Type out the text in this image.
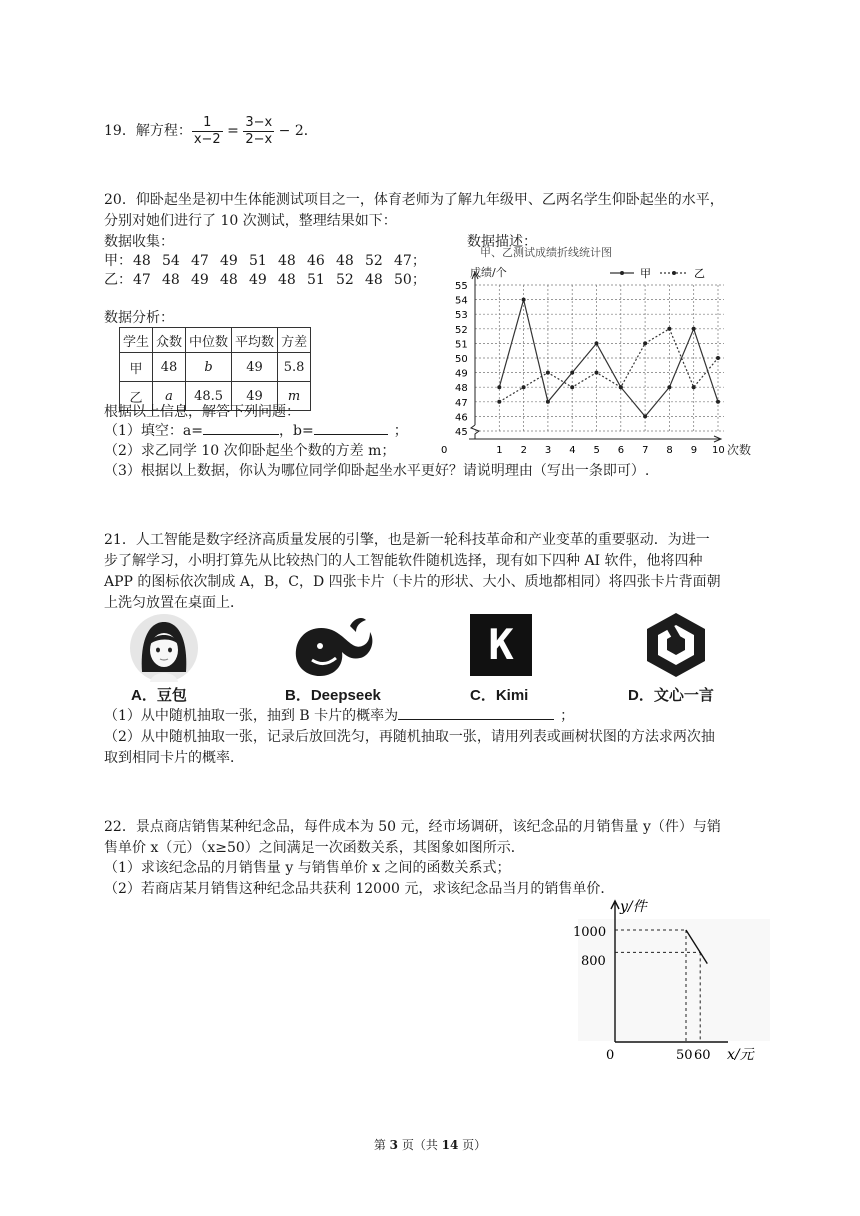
19．解方程： $\frac{1}{x-2} = \frac{3-x}{2-x} - 2$．
20．仰卧起坐是初中生体能测试项目之一，体育老师为了解九年级甲、乙两名学生仰卧起坐的水平，
分别对她们进行了 10 次测试，整理结果如下：
数据收集：	数据描述：
甲：
乙：
48 54 47 49 51 48 46 48 52 47；
47 48 49 48 49 48 51 52 48 50；
数据分析：
学生	众数	中位数	平均数	方差
甲	48	b	49	5.8
乙	a	48.5	49	m
根据以上信息，解答下列问题：
（1）填空：a=	，b=	；
（2）求乙同学 10 次仰卧起坐个数的方差 m；
（3）根据以上数据，你认为哪位同学仰卧起坐水平更好？请说明理由（写出一条即可）.
45
46
47
48
49
50
51
52
53
54
55
0	1 2 3 4 5 6 7 8 9 10
甲、乙测试成绩折线统计图
成绩/个
次数
甲	乙
21．人工智能是数字经济高质量发展的引擎，也是新一轮科技革命和产业变革的重要驱动．为进一
步了解学习，小明打算先从比较热门的人工智能软件随机选择，现有如下四种 AI 软件，他将四种
APP 的图标依次制成 A，B，C，D 四张卡片（卡片的形状、大小、质地都相同）将四张卡片背面朝
上洗匀放置在桌面上．
A．豆包	B．Deepseek
K
C．Kimi	D．文心一言
（1）从中随机抽取一张，抽到 B 卡片的概率为	；
（2）从中随机抽取一张，记录后放回洗匀，再随机抽取一张，请用列表或画树状图的方法求两次抽
取到相同卡片的概率．
22．景点商店销售某种纪念品，每件成本为 50 元，经市场调研，该纪念品的月销售量 y（件）与销
售单价 x（元）（x≥50）之间满足一次函数关系，其图象如图所示．
（1）求该纪念品的月销售量 y 与销售单价 x 之间的函数关系式；
（2）若商店某月销售这种纪念品共获利 12000 元，求该纪念品当月的销售单价．
y/件
x/元
0
1000
800
50 60
第 3 页（共 14 页）
